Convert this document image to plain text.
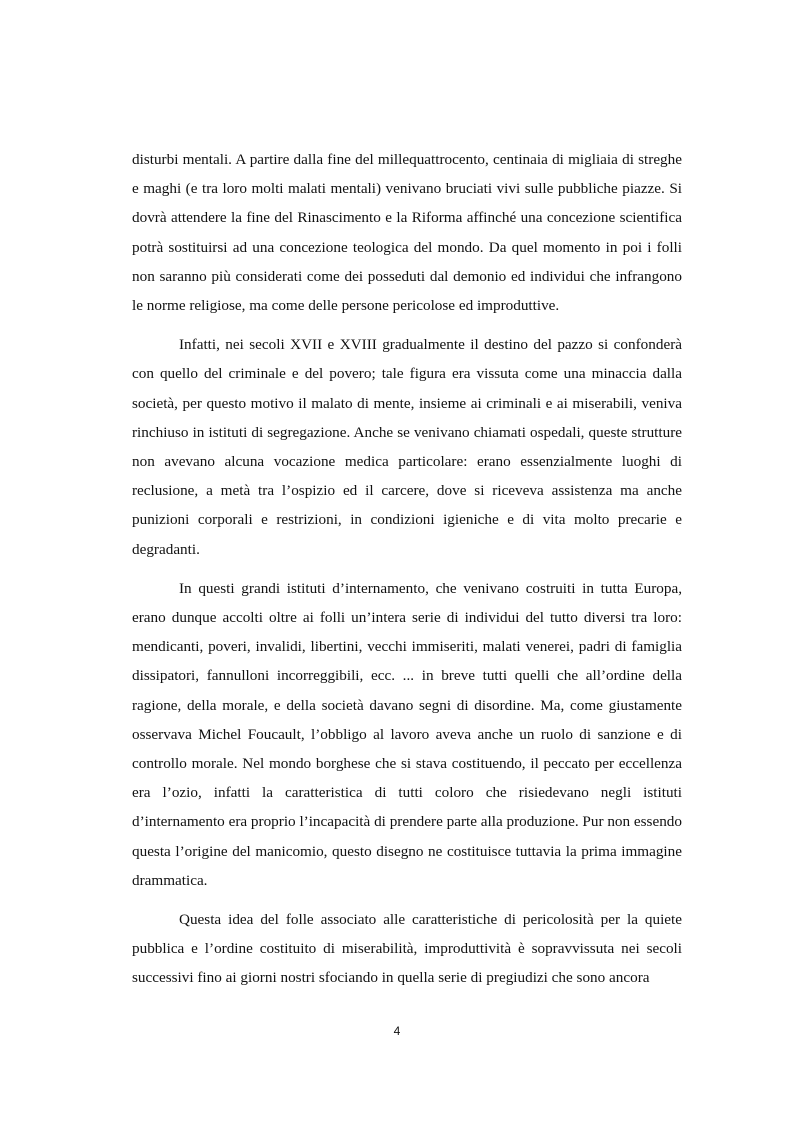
disturbi mentali. A partire dalla fine del millequattrocento, centinaia di migliaia di streghe e maghi (e tra loro molti malati mentali) venivano bruciati vivi sulle pubbliche piazze. Si dovrà attendere la fine del Rinascimento e la Riforma affinché una concezione scientifica potrà sostituirsi ad una concezione teologica del mondo. Da quel momento in poi i folli non saranno più considerati come dei posseduti dal demonio ed individui che infrangono le norme religiose, ma come delle persone pericolose ed improduttive.

Infatti, nei secoli XVII e XVIII gradualmente il destino del pazzo si confonderà con quello del criminale e del povero; tale figura era vissuta come una minaccia dalla società, per questo motivo il malato di mente, insieme ai criminali e ai miserabili, veniva rinchiuso in istituti di segregazione. Anche se venivano chiamati ospedali, queste strutture non avevano alcuna vocazione medica particolare: erano essenzialmente luoghi di reclusione, a metà tra l’ospizio ed il carcere, dove si riceveva assistenza ma anche punizioni corporali e restrizioni, in condizioni igieniche e di vita molto precarie e degradanti.

In questi grandi istituti d’internamento, che venivano costruiti in tutta Europa, erano dunque accolti oltre ai folli un’intera serie di individui del tutto diversi tra loro: mendicanti, poveri, invalidi, libertini, vecchi immiseriti, malati venerei, padri di famiglia dissipatori, fannulloni incorreggibili, ecc. ... in breve tutti quelli che all’ordine della ragione, della morale, e della società davano segni di disordine. Ma, come giustamente osservava Michel Foucault, l’obbligo al lavoro aveva anche un ruolo di sanzione e di controllo morale. Nel mondo borghese che si stava costituendo, il peccato per eccellenza era l’ozio, infatti la caratteristica di tutti coloro che risiedevano negli istituti d’internamento era proprio l’incapacità di prendere parte alla produzione. Pur non essendo questa l’origine del manicomio, questo disegno ne costituisce tuttavia la prima immagine drammatica.

Questa idea del folle associato alle caratteristiche di pericolosità per la quiete pubblica e l’ordine costituito di miserabilità, improduttività è sopravvissuta nei secoli successivi fino ai giorni nostri sfociando in quella serie di pregiudizi che sono ancora

4
